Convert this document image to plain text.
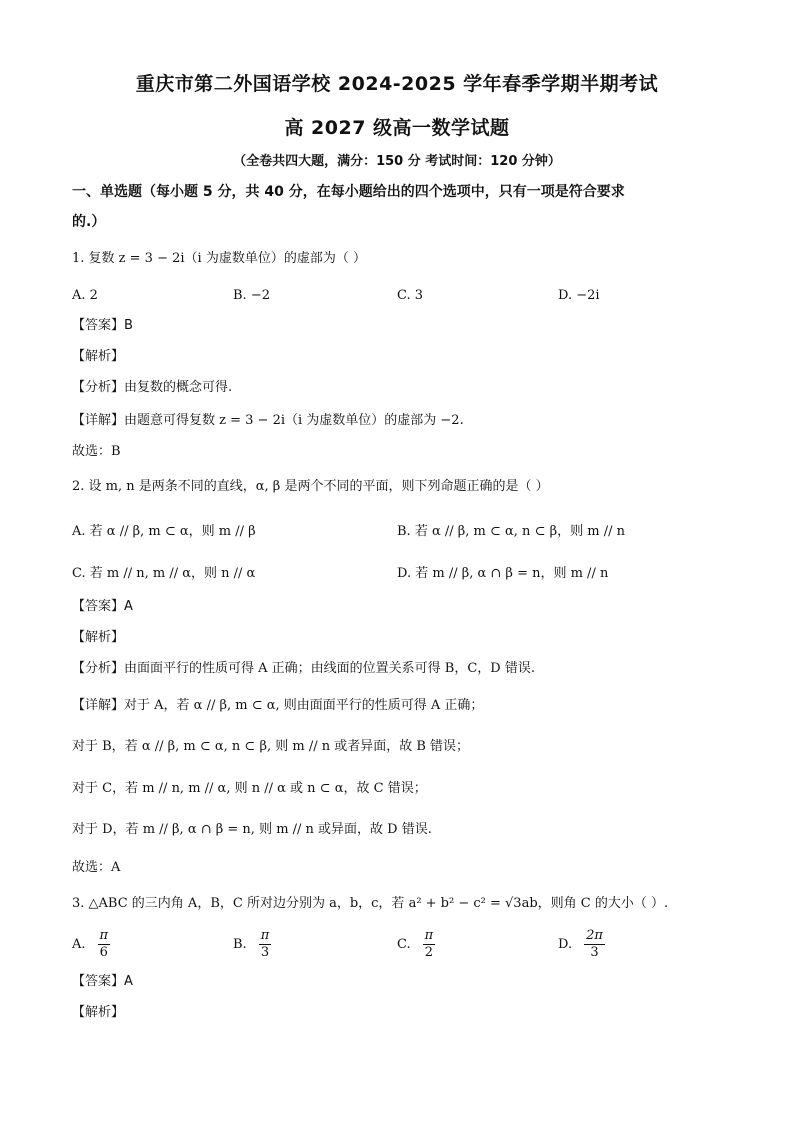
重庆市第二外国语学校 2024-2025 学年春季学期半期考试
高 2027 级高一数学试题
（全卷共四大题，满分：150 分 考试时间：120 分钟）
一、单选题（每小题 5 分，共 40 分，在每小题给出的四个选项中，只有一项是符合要求
的.）
1. 复数 z = 3 − 2i（i 为虚数单位）的虚部为（ ）
A. 2	B. −2	C. 3	D. −2i
【答案】B
【解析】
【分析】由复数的概念可得.
【详解】由题意可得复数 z = 3 − 2i（i 为虚数单位）的虚部为 −2.
故选：B
2. 设 m, n 是两条不同的直线，α, β 是两个不同的平面，则下列命题正确的是（ ）
A. 若 α // β, m ⊂ α，则 m // β	B. 若 α // β, m ⊂ α, n ⊂ β，则 m // n
C. 若 m // n, m // α，则 n // α	D. 若 m // β, α ∩ β = n，则 m // n
【答案】A
【解析】
【分析】由面面平行的性质可得 A 正确；由线面的位置关系可得 B，C，D 错误.
【详解】对于 A，若 α // β, m ⊂ α, 则由面面平行的性质可得 A 正确；
对于 B，若 α // β, m ⊂ α, n ⊂ β, 则 m // n 或者异面，故 B 错误；
对于 C，若 m // n, m // α, 则 n // α 或 n ⊂ α，故 C 错误；
对于 D，若 m // β, α ∩ β = n, 则 m // n 或异面，故 D 错误.
故选：A
3. △ABC 的三内角 A，B，C 所对边分别为 a，b，c，若 a² + b² − c² = √3ab，则角 C 的大小（ ）.
A. $\frac{\pi}{6}$	B. $\frac{\pi}{3}$	C. $\frac{\pi}{2}$	D. $\frac{2\pi}{3}$
【答案】A
【解析】
